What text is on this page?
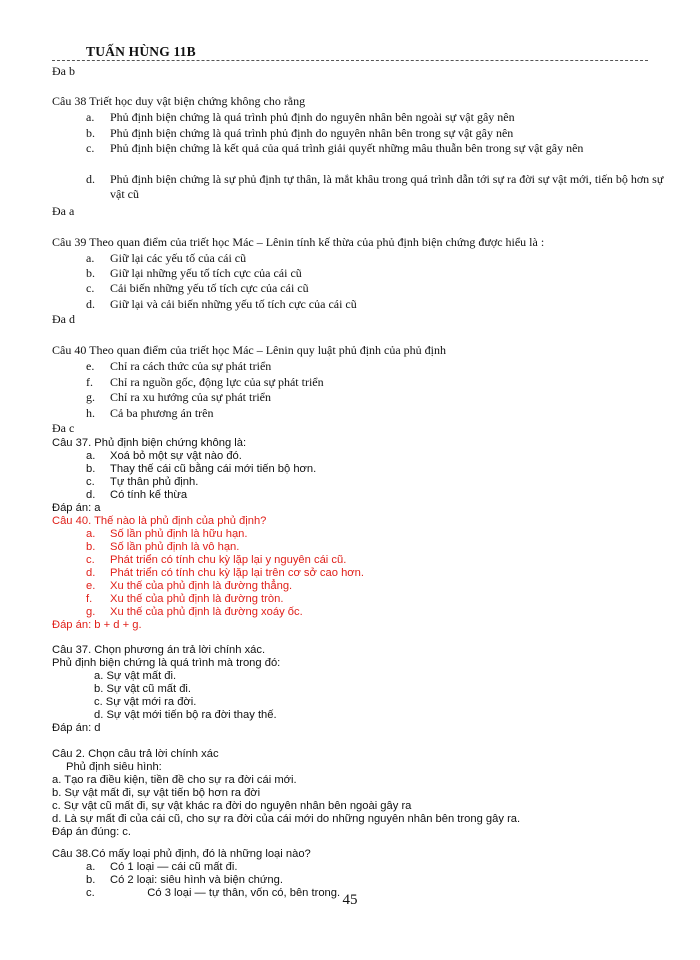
TUẤN HÙNG 11B
Đa b
Câu 38 Triết học duy vật biện chứng không cho rằng
a. Phủ định biện chứng là quá trình phủ định do nguyên nhân bên ngoài sự vật gây nên
b. Phủ định biện chứng là quá trình phủ định do nguyên nhân bên trong sự vật gây nên
c.	Phủ định biện chứng là kết quả của quá trình giải quyết những mâu thuẫn bên trong sự vật gây nên
d.	Phủ định biện chứng là sự phủ định tự thân, là mắt khâu trong quá trình dẫn tới sự ra đời sự vật mới, tiến bộ hơn sự vật cũ
Đa a
Câu 39 Theo quan điểm của triết học Mác – Lênin tính kế thừa của phủ định biện chứng được hiểu là :
a. Giữ lại các yếu tố của cái cũ
b. Giữ lại những yếu tố tích cực của cái cũ
c. Cải biến những yếu tố tích cực của cái cũ
d. Giữ lại và cải biến những yếu tố tích cực của cái cũ
Đa d
Câu 40 Theo quan điểm của triết học Mác – Lênin quy luật phủ định của phủ định
e. Chỉ ra cách thức của sự phát triển
f. Chỉ ra nguồn gốc, động lực của sự phát triển
g. Chỉ ra xu hướng của sự phát triển
h. Cả ba phương án trên
Đa c
Câu 37. Phủ định biện chứng không là:
a. Xoá bỏ một sự vật nào đó.
b. Thay thế cái cũ bằng cái mới tiến bộ hơn.
c. Tự thân phủ định.
d. Có tính kế thừa
Đáp án: a
Câu 40. Thế nào là phủ định của phủ định?
a. Số lần phủ định là hữu hạn.
b. Số lần phủ định là vô hạn.
c. Phát triển có tính chu kỳ lặp lại y nguyên cái cũ.
d. Phát triển có tính chu kỳ lặp lại trên cơ sở cao hơn.
e. Xu thế của phủ định là đường thẳng.
f. Xu thế của phủ định là đường tròn.
g. Xu thế của phủ định là đường xoáy ốc.
Đáp án: b + d + g.
Câu 37. Chọn phương án trả lời chính xác.
Phủ định biện chứng là quá trình mà trong đó:
a. Sự vật mất đi.
b. Sự vật cũ mất đi.
c. Sự vật mới ra đời.
d. Sự vật mới tiến bộ ra đời thay thế.
Đáp án: d
Câu 2. Chọn câu trả lời chính xác
Phủ định siêu hình:
a. Tạo ra điều kiện, tiền đề cho sự ra đời cái mới.
b. Sự vật mất đi, sự vật tiến bộ hơn ra đời
c. Sự vật cũ mất đi, sự vật khác ra đời do nguyên nhân bên ngoài gây ra
d. Là sự mất đi của cái cũ, cho sự ra đời của cái mới do những nguyên nhân bên trong gây ra.
Đáp án đúng: c.
Câu 38.Có mấy loại phủ định, đó là những loại nào?
a. Có 1 loại — cái cũ mất đi.
b. Có 2 loại: siêu hình và biện chứng.
c.            Có 3 loại — tự thân, vốn có, bên trong. 45
